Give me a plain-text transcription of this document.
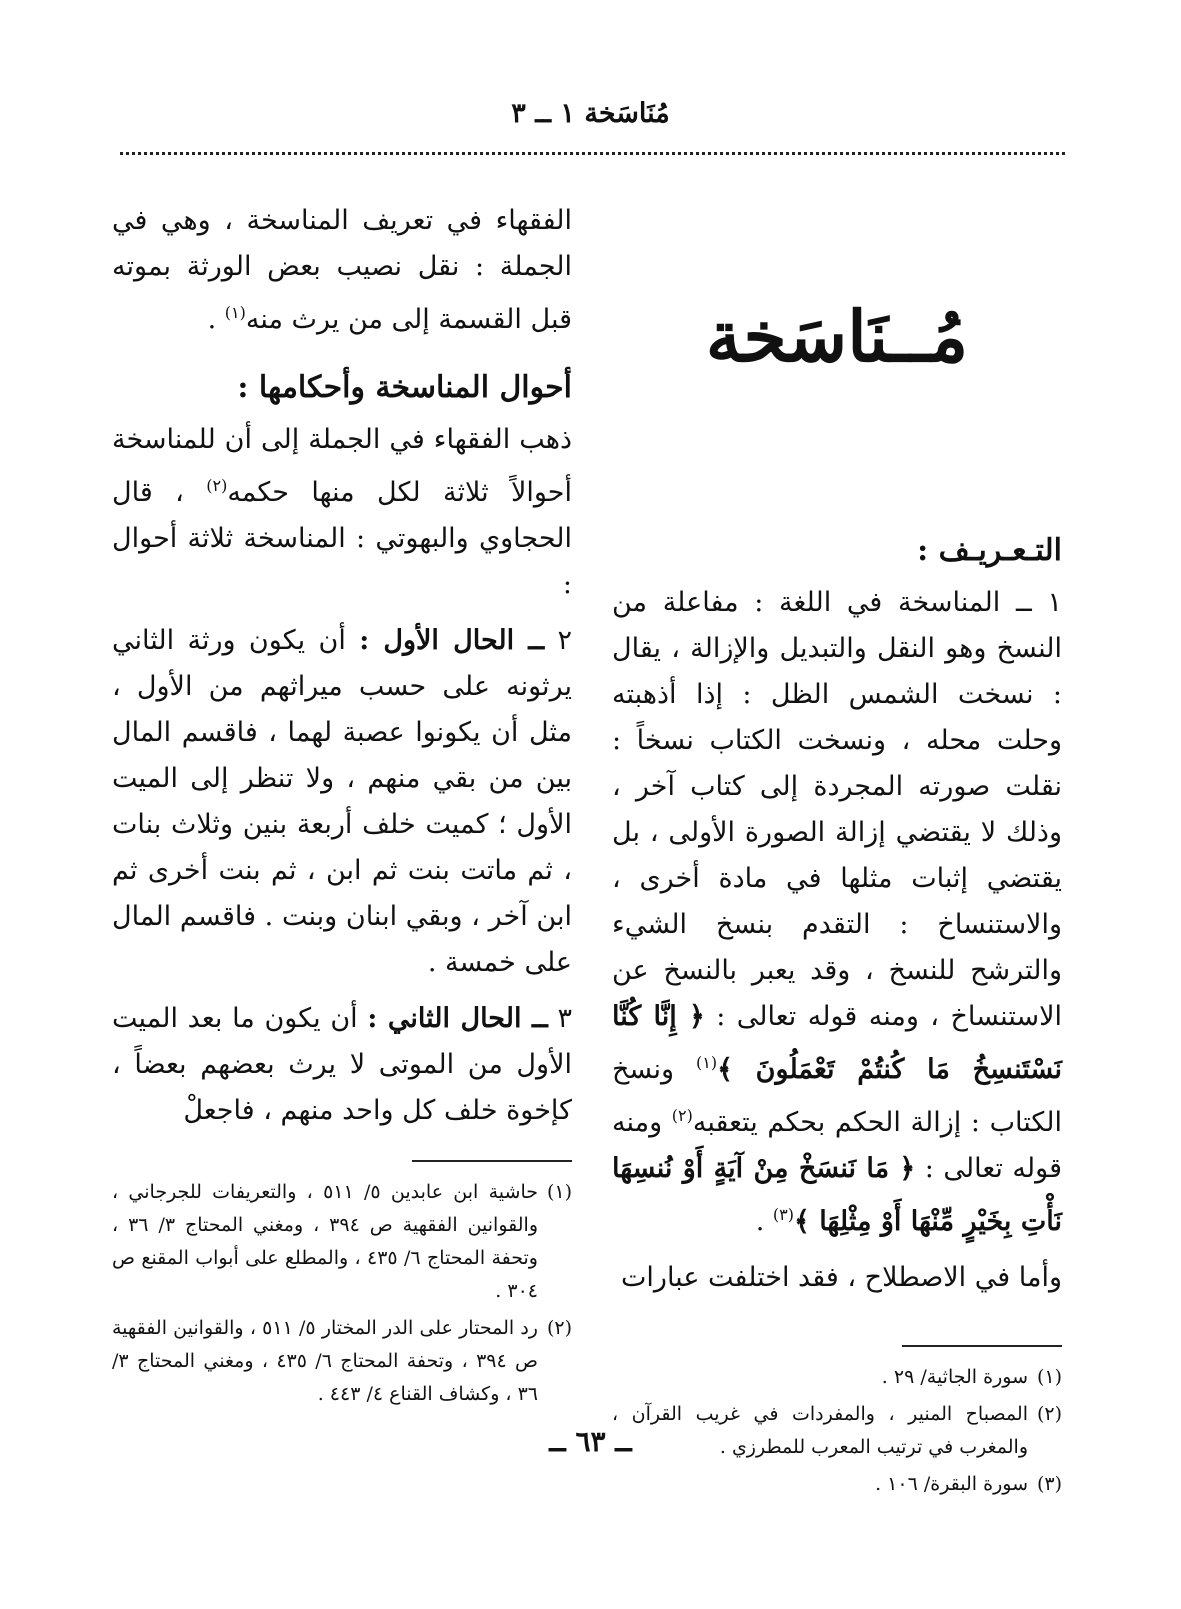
مُنَاسَخة ١ ــ ٣
مُــنَاسَخة
التـعـريـف :

١ ــ المناسخة في اللغة : مفاعلة من النسخ وهو النقل والتبديل والإزالة ، يقال : نسخت الشمس الظل : إذا أذهبته وحلت محله ، ونسخت الكتاب نسخاً : نقلت صورته المجردة إلى كتاب آخر ، وذلك لا يقتضي إزالة الصورة الأولى ، بل يقتضي إثبات مثلها في مادة أخرى ، والاستنساخ : التقدم بنسخ الشيء والترشح للنسخ ، وقد يعبر بالنسخ عن الاستنساخ ، ومنه قوله تعالى : ﴿ إِنَّا كُنَّا نَسْتَنسِخُ مَا كُنتُمْ تَعْمَلُونَ ﴾$^{(١)}$ ونسخ الكتاب : إزالة الحكم بحكم يتعقبه$^{(٢)}$ ومنه قوله تعالى : ﴿ مَا نَنسَخْ مِنْ آيَةٍ أَوْ نُنسِهَا نَأْتِ بِخَيْرٍ مِّنْهَا أَوْ مِثْلِهَا ﴾$^{(٣)}$ .

وأما في الاصطلاح ، فقد اختلفت عبارات

(١)
سورة الجاثية/ ٢٩ .
(٢)
المصباح المنير ، والمفردات في غريب القرآن ، والمغرب في ترتيب المعرب للمطرزي .
(٣)
سورة البقرة/ ١٠٦ .

الفقهاء في تعريف المناسخة ، وهي في الجملة : نقل نصيب بعض الورثة بموته قبل القسمة إلى من يرث منه$^{(١)}$ .

أحوال المناسخة وأحكامها :

ذهب الفقهاء في الجملة إلى أن للمناسخة أحوالاً ثلاثة لكل منها حكمه$^{(٢)}$ ، قال الحجاوي والبهوتي : المناسخة ثلاثة أحوال :

٢ ــ الحال الأول : أن يكون ورثة الثاني يرثونه على حسب ميراثهم من الأول ، مثل أن يكونوا عصبة لهما ، فاقسم المال بين من بقي منهم ، ولا تنظر إلى الميت الأول ؛ كميت خلف أربعة بنين وثلاث بنات ، ثم ماتت بنت ثم ابن ، ثم بنت أخرى ثم ابن آخر ، وبقي ابنان وبنت . فاقسم المال على خمسة .

٣ ــ الحال الثاني : أن يكون ما بعد الميت الأول من الموتى لا يرث بعضهم بعضاً ، كإخوة خلف كل واحد منهم ، فاجعلْ

(١)
حاشية ابن عابدين ٥/ ٥١١ ، والتعريفات للجرجاني ، والقوانين الفقهية ص ٣٩٤ ، ومغني المحتاج ٣/ ٣٦ ، وتحفة المحتاج ٦/ ٤٣٥ ، والمطلع على أبواب المقنع ص ٣٠٤ .
(٢)
رد المحتار على الدر المختار ٥/ ٥١١ ، والقوانين الفقهية ص ٣٩٤ ، وتحفة المحتاج ٦/ ٤٣٥ ، ومغني المحتاج ٣/ ٣٦ ، وكشاف القناع ٤/ ٤٤٣ .
ــ ٦٣ ــ
